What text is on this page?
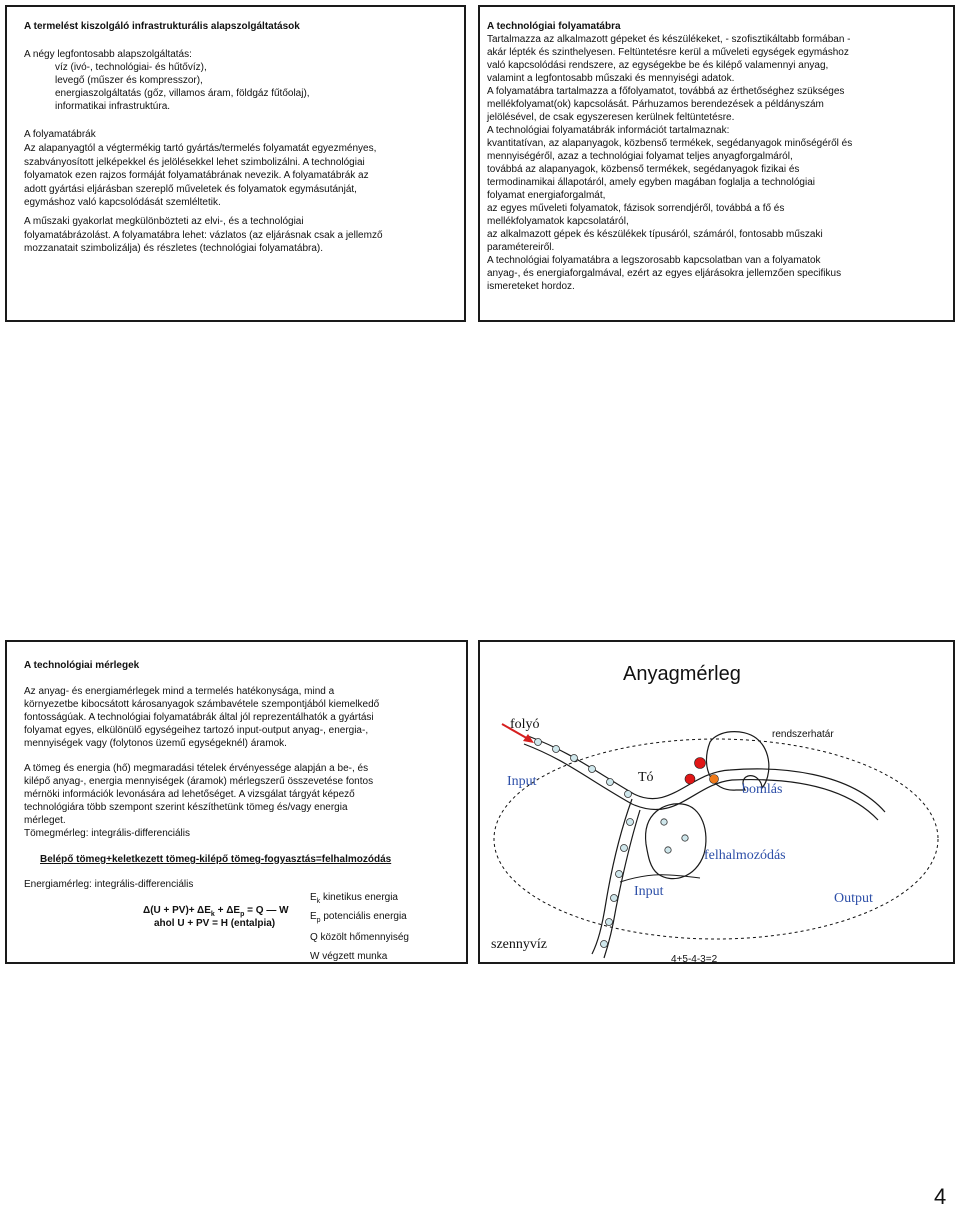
A termelést kiszolgáló infrastrukturális alapszolgáltatások
A négy legfontosabb alapszolgáltatás:
víz (ivó-, technológiai- és hűtővíz),
levegő (műszer és kompresszor),
energiaszolgáltatás (gőz, villamos áram, földgáz fűtőolaj),
informatikai infrastruktúra.
A folyamatábrák
Az alapanyagtól a végtermékig tartó gyártás/termelés folyamatát egyezményes,
szabványosított jelképekkel és jelölésekkel lehet szimbolizálni. A technológiai
folyamatok ezen rajzos formáját folyamatábrának nevezik. A folyamatábrák az
adott gyártási eljárásban szereplő műveletek és folyamatok egymásutánját,
egymáshoz való kapcsolódását szemléltetik.
A műszaki gyakorlat megkülönbözteti az elvi-, és a technológiai
folyamatábrázolást. A folyamatábra lehet: vázlatos (az eljárásnak csak a jellemző
mozzanatait szimbolizálja) és részletes (technológiai folyamatábra).
A technológiai folyamatábra
Tartalmazza az alkalmazott gépeket és készülékeket, - szofisztikáltabb formában -
akár lépték és szinthelyesen. Feltüntetésre kerül a műveleti egységek egymáshoz
való kapcsolódási rendszere, az egységekbe be és kilépő valamennyi anyag,
valamint a legfontosabb műszaki és mennyiségi adatok.
A folyamatábra tartalmazza a főfolyamatot, továbbá az érthetőséghez szükséges
mellékfolyamat(ok) kapcsolását. Párhuzamos berendezések a példányszám
jelölésével, de csak egyszeresen kerülnek feltüntetésre.
A technológiai folyamatábrák információt tartalmaznak:
kvantitatívan, az alapanyagok, közbenső termékek, segédanyagok minőségéről és
mennyiségéről, azaz a technológiai folyamat teljes anyagforgalmáról,
továbbá az alapanyagok, közbenső termékek, segédanyagok fizikai és
termodinamikai állapotáról, amely egyben magában foglalja a technológiai
folyamat energiaforgalmát,
az egyes műveleti folyamatok, fázisok sorrendjéről, továbbá a fő és
mellékfolyamatok kapcsolatáról,
az alkalmazott gépek és készülékek típusáról, számáról, fontosabb műszaki
paramétereiről.
A technológiai folyamatábra a legszorosabb kapcsolatban van a folyamatok
anyag-, és energiaforgalmával, ezért az egyes eljárásokra jellemzően specifikus
ismereteket hordoz.
A technológiai mérlegek
Az anyag- és energiamérlegek mind a termelés hatékonysága, mind a
környezetbe kibocsátott károsanyagok számbavétele szempontjából kiemelkedő
fontosságúak. A technológiai folyamatábrák által jól reprezentálhatók a gyártási
folyamat egyes, elkülönülő egységeihez tartozó input-output anyag-, energia-,
mennyiségek vagy (folytonos üzemű egységeknél) áramok.
A tömeg és energia (hő) megmaradási tételek érvényessége alapján a be-, és
kilépő anyag-, energia mennyiségek (áramok) mérlegszerű összevetése fontos
mérnöki információk levonására ad lehetőséget. A vizsgálat tárgyát képező
technológiára több szempont szerint készíthetünk tömeg és/vagy energia
mérleget.
Tömegmérleg: integrális-differenciális
Belépő tömeg+keletkezett tömeg-kilépő tömeg-fogyasztás=felhalmozódás
Energiamérleg: integrális-differenciális
$\Delta(U + PV)+ \Delta E_k + \Delta E_p = Q$ — W
ahol U + PV = H (entalpia)
$E_k$ kinetikus energia
$E_p$ potenciális energia
Q közölt hőmennyiség
W végzett munka
Anyagmérleg
folyó
rendszerhatár
Input	Tó
bomlás
felhalmozódás
Input	Output
szennyvíz
4+5-4-3=2
4
